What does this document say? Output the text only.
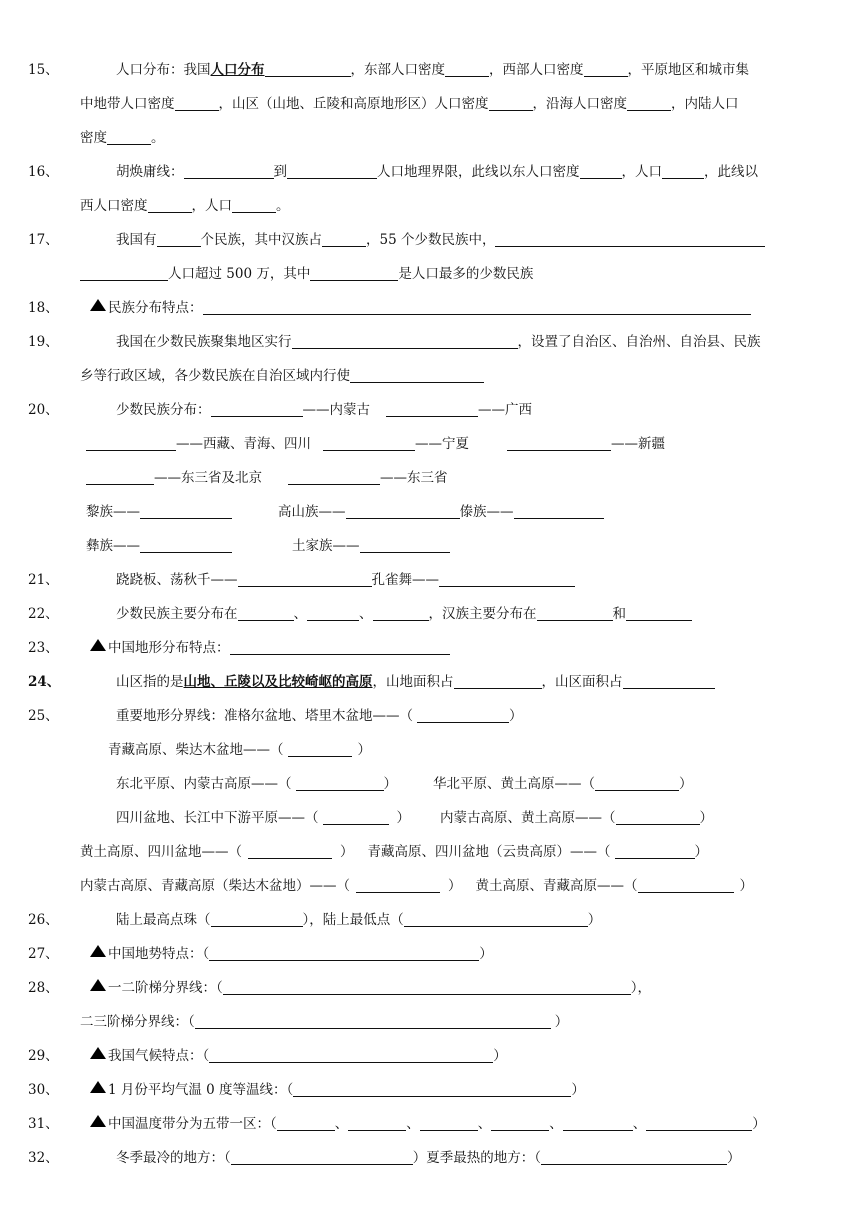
15、	人口分布：我国人口分布	，东部人口密度	，西部人口密度	，平原地区和城市集
中地带人口密度	，山区（山地、丘陵和高原地形区）人口密度	，沿海人口密度	，内陆人口
密度	。
16、	胡焕庸线：	到	人口地理界限，此线以东人口密度	，人口	，此线以
西人口密度	，人口	。
17、	我国有	个民族，其中汉族占	，55 个少数民族中，
人口超过 500 万，其中	是人口最多的少数民族
18、	民族分布特点：
19、	我国在少数民族聚集地区实行	，设置了自治区、自治州、自治县、民族
乡等行政区域，各少数民族在自治区域内行使
20、	少数民族分布：	——内蒙古	——广西
——西藏、青海、四川	——宁夏	——新疆
——东三省及北京	——东三省
黎族——	高山族——	傣族——
彝族——	土家族——
21、	跷跷板、荡秋千——	孔雀舞——
22、	少数民族主要分布在	、	、	，汉族主要分布在	和
23、	中国地形分布特点：
24、	山区指的是山地、丘陵以及比较崎岖的高原，山地面积占	，山区面积占
25、	重要地形分界线：准格尔盆地、塔里木盆地——（	）
青藏高原、柴达木盆地——（	）
东北平原、内蒙古高原——（	）	华北平原、黄土高原——（	）
四川盆地、长江中下游平原——（	） 内蒙古高原、黄土高原——（	）
黄土高原、四川盆地——（	） 青藏高原、四川盆地（云贵高原）——（	）
内蒙古高原、青藏高原（柴达木盆地）——（	） 黄土高原、青藏高原——（	）
26、	陆上最高点珠（	），陆上最低点（	）
27、	中国地势特点：（	）
28、	一二阶梯分界线：（	），
二三阶梯分界线：（	）
29、	我国气候特点：（	）
30、	1 月份平均气温 0 度等温线：（	）
31、	中国温度带分为五带一区：（	、	、	、	、	、	）
32、	冬季最冷的地方：（	）夏季最热的地方：（	）
